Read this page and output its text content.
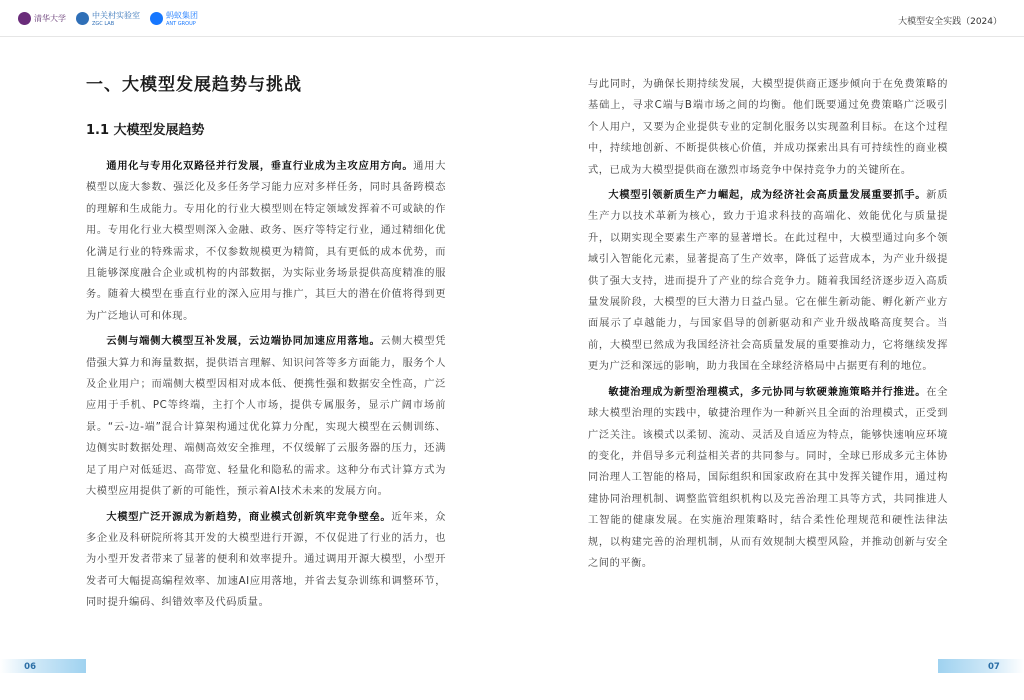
清华大学	中关村实验室
ZGC LAB
蚂蚁集团
ANT GROUP	大模型安全实践（2024）
一、大模型发展趋势与挑战
1.1 大模型发展趋势

通用化与专用化双路径并行发展，垂直行业成为主攻应用方向。通用大模型以庞大参数、强泛化及多任务学习能力应对多样任务，同时具备跨模态的理解和生成能力。专用化的行业大模型则在特定领域发挥着不可或缺的作用。专用化行业大模型则深入金融、政务、医疗等特定行业，通过精细化优化满足行业的特殊需求，不仅参数规模更为精简，具有更低的成本优势，而且能够深度融合企业或机构的内部数据，为实际业务场景提供高度精准的服务。随着大模型在垂直行业的深入应用与推广，其巨大的潜在价值将得到更为广泛地认可和体现。

云侧与端侧大模型互补发展，云边端协同加速应用落地。云侧大模型凭借强大算力和海量数据，提供语言理解、知识问答等多方面能力，服务个人及企业用户；而端侧大模型因相对成本低、便携性强和数据安全性高，广泛应用于手机、PC等终端，主打个人市场，提供专属服务，显示广阔市场前景。“云-边-端”混合计算架构通过优化算力分配，实现大模型在云侧训练、边侧实时数据处理、端侧高效安全推理，不仅缓解了云服务器的压力，还满足了用户对低延迟、高带宽、轻量化和隐私的需求。这种分布式计算方式为大模型应用提供了新的可能性，预示着AI技术未来的发展方向。

大模型广泛开源成为新趋势，商业模式创新筑牢竞争壁垒。近年来，众多企业及科研院所将其开发的大模型进行开源，不仅促进了行业的活力，也为小型开发者带来了显著的便利和效率提升。通过调用开源大模型，小型开发者可大幅提高编程效率、加速AI应用落地，并省去复杂训练和调整环节，同时提升编码、纠错效率及代码质量。

与此同时，为确保长期持续发展，大模型提供商正逐步倾向于在免费策略的基础上，寻求C端与B端市场之间的均衡。他们既要通过免费策略广泛吸引个人用户，又要为企业提供专业的定制化服务以实现盈利目标。在这个过程中，持续地创新、不断提供核心价值，并成功探索出具有可持续性的商业模式，已成为大模型提供商在激烈市场竞争中保持竞争力的关键所在。

大模型引领新质生产力崛起，成为经济社会高质量发展重要抓手。新质生产力以技术革新为核心，致力于追求科技的高端化、效能优化与质量提升，以期实现全要素生产率的显著增长。在此过程中，大模型通过向多个领域引入智能化元素，显著提高了生产效率，降低了运营成本，为产业升级提供了强大支持，进而提升了产业的综合竞争力。随着我国经济逐步迈入高质量发展阶段，大模型的巨大潜力日益凸显。它在催生新动能、孵化新产业方面展示了卓越能力，与国家倡导的创新驱动和产业升级战略高度契合。当前，大模型已然成为我国经济社会高质量发展的重要推动力，它将继续发挥更为广泛和深远的影响，助力我国在全球经济格局中占据更有利的地位。

敏捷治理成为新型治理模式，多元协同与软硬兼施策略并行推进。在全球大模型治理的实践中，敏捷治理作为一种新兴且全面的治理模式，正受到广泛关注。该模式以柔韧、流动、灵活及自适应为特点，能够快速响应环境的变化，并倡导多元利益相关者的共同参与。同时，全球已形成多元主体协同治理人工智能的格局，国际组织和国家政府在其中发挥关键作用，通过构建协同治理机制、调整监管组织机构以及完善治理工具等方式，共同推进人工智能的健康发展。在实施治理策略时，结合柔性伦理规范和硬性法律法规，以构建完善的治理机制，从而有效规制大模型风险，并推动创新与安全之间的平衡。

06	07
